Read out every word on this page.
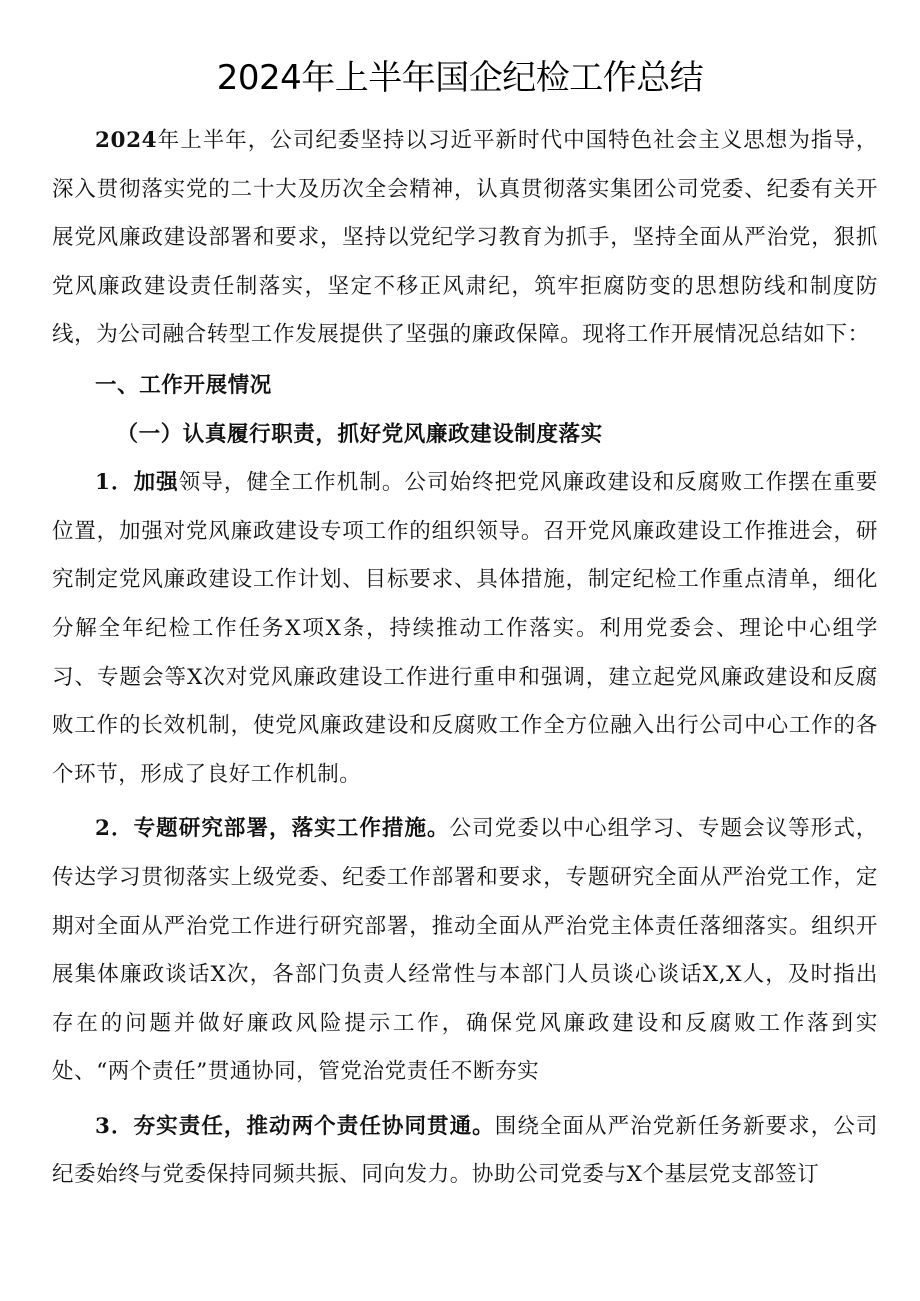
2024年上半年国企纪检工作总结

2024年上半年，公司纪委坚持以习近平新时代中国特色社会主义思想为指导，深入贯彻落实党的二十大及历次全会精神，认真贯彻落实集团公司党委、纪委有关开展党风廉政建设部署和要求，坚持以党纪学习教育为抓手，坚持全面从严治党，狠抓党风廉政建设责任制落实，坚定不移正风肃纪，筑牢拒腐防变的思想防线和制度防线，为公司融合转型工作发展提供了坚强的廉政保障。现将工作开展情况总结如下：

一、工作开展情况

（一）认真履行职责，抓好党风廉政建设制度落实

1．加强领导，健全工作机制。公司始终把党风廉政建设和反腐败工作摆在重要位置，加强对党风廉政建设专项工作的组织领导。召开党风廉政建设工作推进会，研究制定党风廉政建设工作计划、目标要求、具体措施，制定纪检工作重点清单，细化分解全年纪检工作任务X项X条，持续推动工作落实。利用党委会、理论中心组学习、专题会等X次对党风廉政建设工作进行重申和强调，建立起党风廉政建设和反腐败工作的长效机制，使党风廉政建设和反腐败工作全方位融入出行公司中心工作的各个环节，形成了良好工作机制。

2．专题研究部署，落实工作措施。公司党委以中心组学习、专题会议等形式，传达学习贯彻落实上级党委、纪委工作部署和要求，专题研究全面从严治党工作，定期对全面从严治党工作进行研究部署，推动全面从严治党主体责任落细落实。组织开展集体廉政谈话X次，各部门负责人经常性与本部门人员谈心谈话X,X人，及时指出存在的问题并做好廉政风险提示工作，确保党风廉政建设和反腐败工作落到实处、“两个责任”贯通协同，管党治党责任不断夯实

3．夯实责任，推动两个责任协同贯通。围绕全面从严治党新任务新要求，公司纪委始终与党委保持同频共振、同向发力。协助公司党委与X个基层党支部签订
